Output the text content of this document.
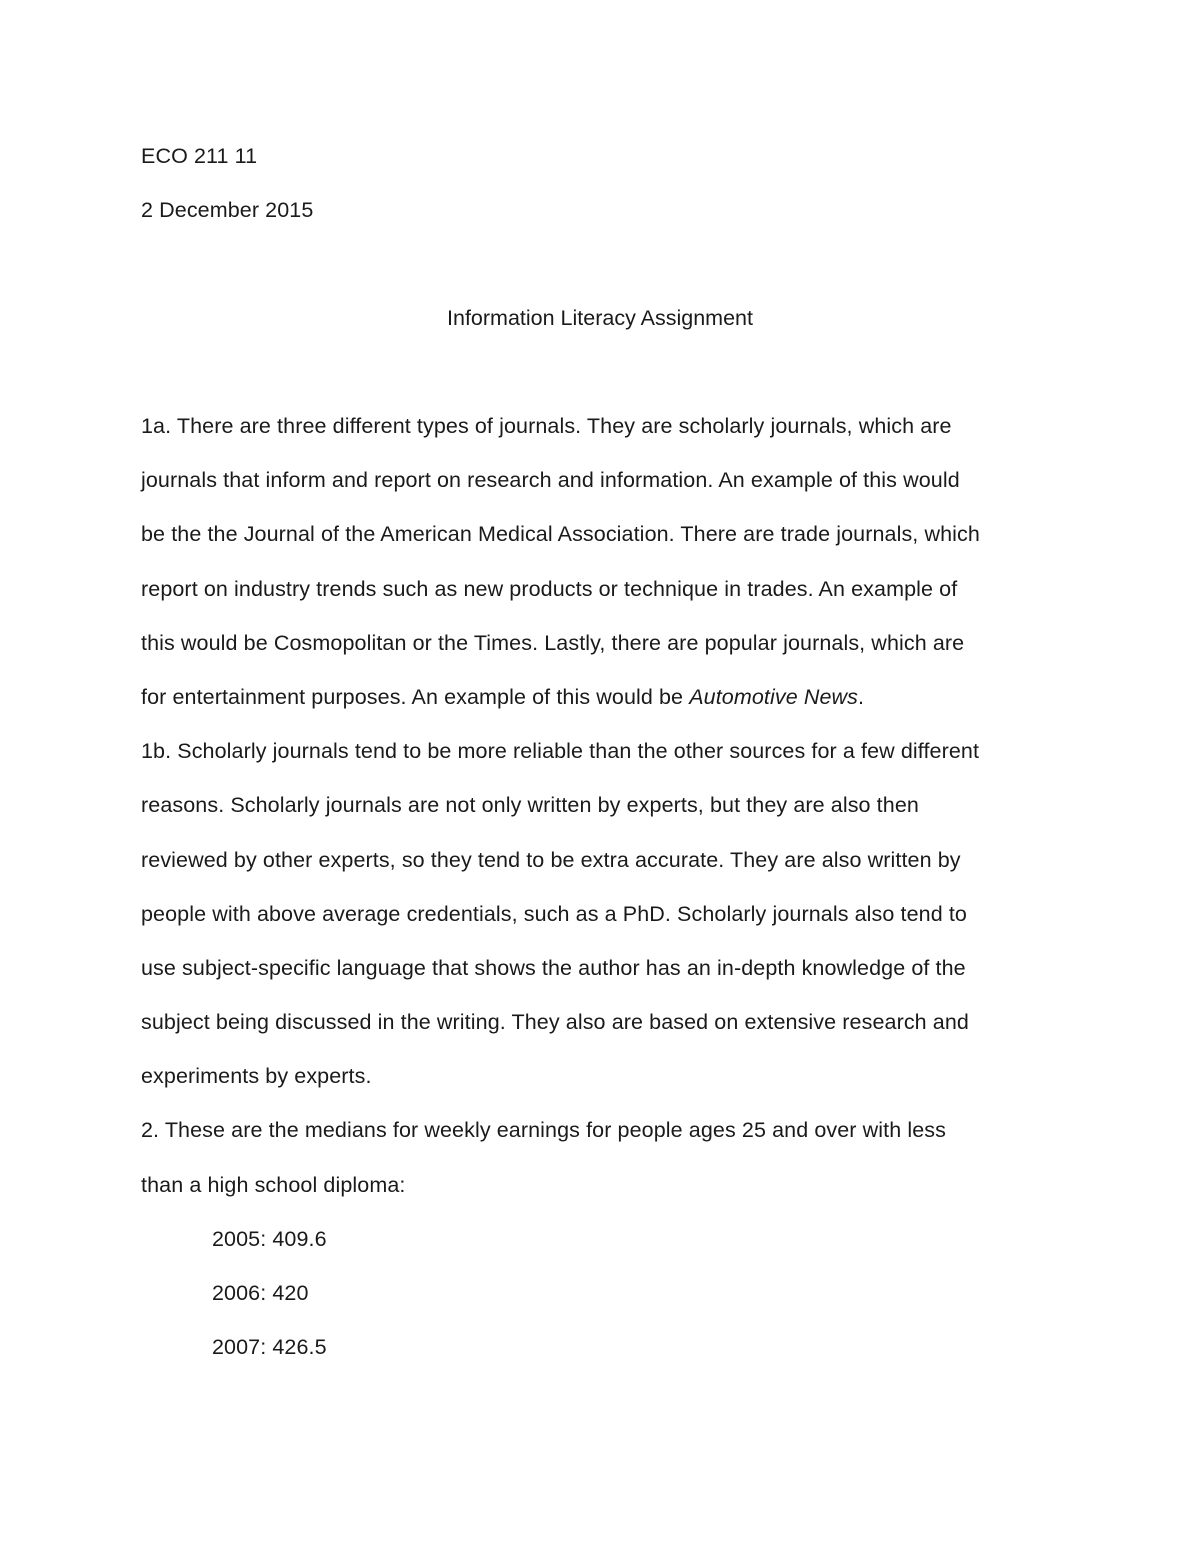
ECO 211 11
2 December 2015
Information Literacy Assignment
1a. There are three different types of journals. They are scholarly journals, which are
journals that inform and report on research and information. An example of this would
be the the Journal of the American Medical Association. There are trade journals, which
report on industry trends such as new products or technique in trades. An example of
this would be Cosmopolitan or the Times. Lastly, there are popular journals, which are
for entertainment purposes. An example of this would be Automotive News.
1b. Scholarly journals tend to be more reliable than the other sources for a few different
reasons. Scholarly journals are not only written by experts, but they are also then
reviewed by other experts, so they tend to be extra accurate. They are also written by
people with above average credentials, such as a PhD. Scholarly journals also tend to
use subject-specific language that shows the author has an in-depth knowledge of the
subject being discussed in the writing. They also are based on extensive research and
experiments by experts.
2. These are the medians for weekly earnings for people ages 25 and over with less
than a high school diploma:
2005: 409.6
2006: 420
2007: 426.5
